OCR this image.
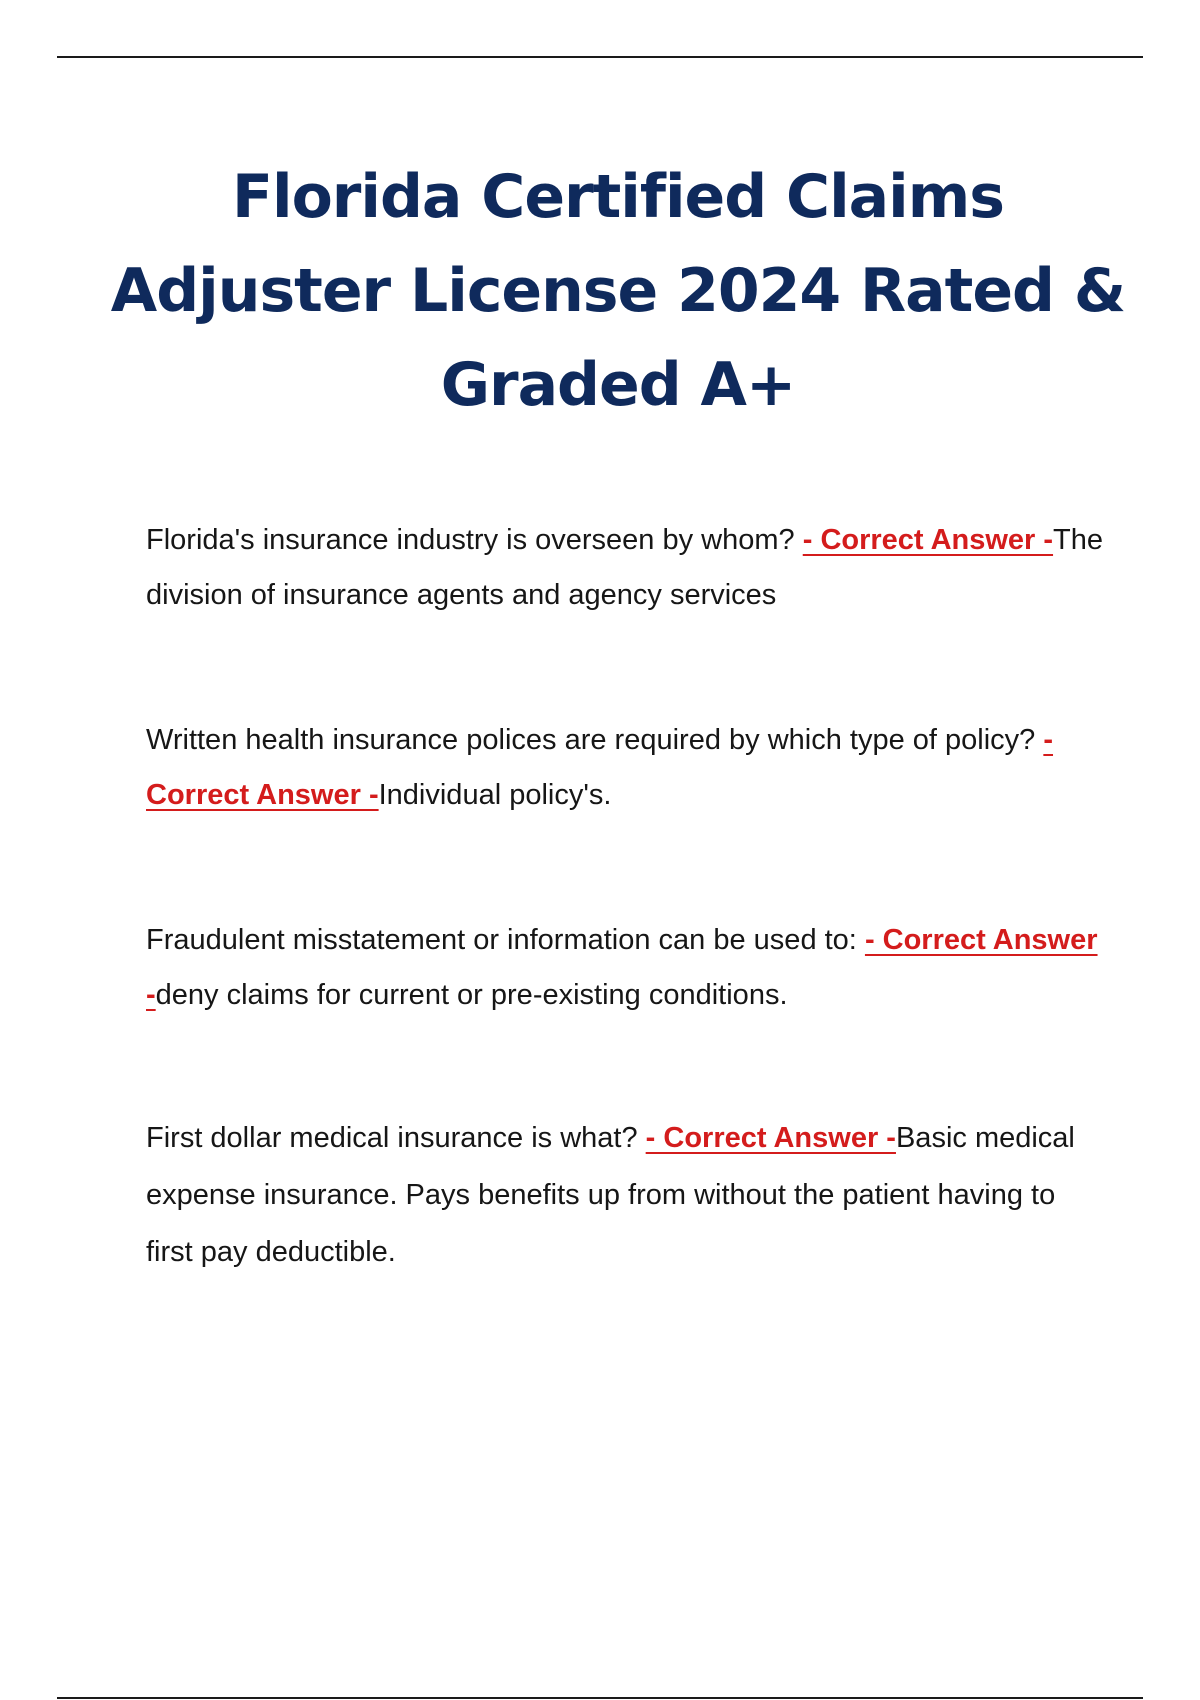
Florida Certified Claims Adjuster License 2024 Rated & Graded A+

Florida's insurance industry is overseen by whom? - Correct Answer -The division of insurance agents and agency services

Written health insurance polices are required by which type of policy? - Correct Answer -Individual policy's.

Fraudulent misstatement or information can be used to: - Correct Answer -deny claims for current or pre-existing conditions.

First dollar medical insurance is what? - Correct Answer -Basic medical expense insurance. Pays benefits up from without the patient having to first pay deductible.
